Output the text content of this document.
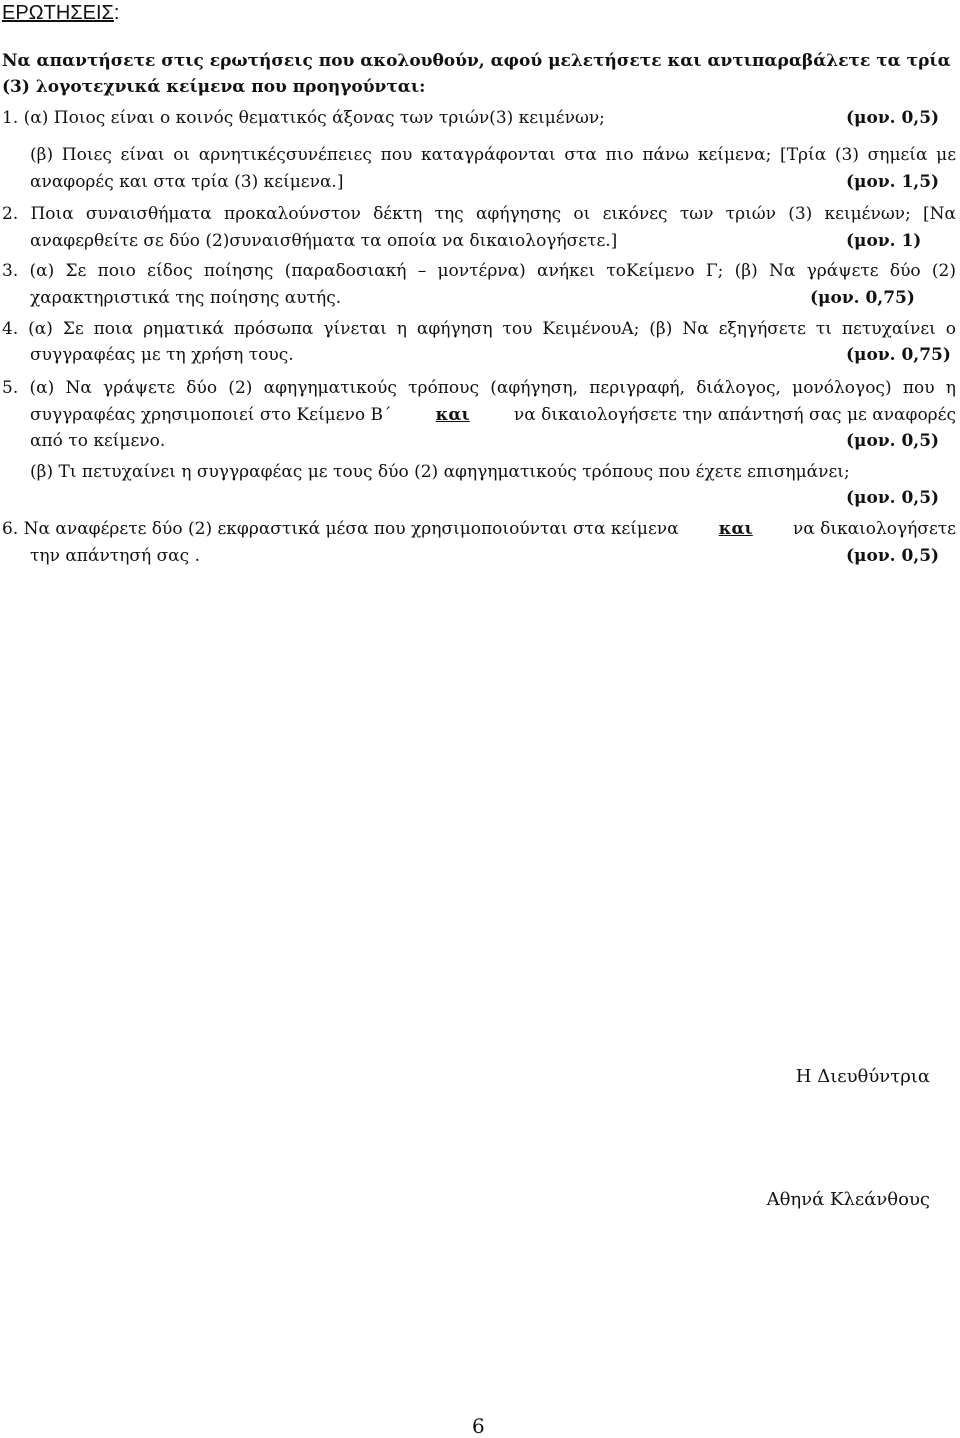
ΕΡΩΤΗΣΕΙΣ:

Να απαντήσετε στις ερωτήσεις που ακολουθούν, αφού μελετήσετε και αντιπαραβάλετε τα τρία (3) λογοτεχνικά κείμενα που προηγούνται:

1. (α) Ποιος είναι ο κοινός θεματικός άξονας των τριών(3) κειμένων;	(μον. 0,5)
(β) Ποιες είναι οι αρνητικέςσυνέπειες που καταγράφονται στα πιο πάνω κείμενα; [Τρία (3) σημεία με
αναφορές και στα τρία (3) κείμενα.]	(μον. 1,5)
2. Ποια συναισθήματα προκαλούνστον δέκτη της αφήγησης οι εικόνες των τριών (3) κειμένων; [Να
αναφερθείτε σε δύο (2)συναισθήματα τα οποία να δικαιολογήσετε.]	(μον. 1)
3. (α) Σε ποιο είδος ποίησης (παραδοσιακή – μοντέρνα) ανήκει τοΚείμενο Γ; (β) Να γράψετε δύο (2)
χαρακτηριστικά της ποίησης αυτής.	(μον. 0,75)
4. (α) Σε ποια ρηματικά πρόσωπα γίνεται η αφήγηση του ΚειμένουΑ; (β) Να εξηγήσετε τι πετυχαίνει ο
συγγραφέας με τη χρήση τους.	(μον. 0,75)
5. (α) Να γράψετε δύο (2) αφηγηματικούς τρόπους (αφήγηση, περιγραφή, διάλογος, μονόλογος) που η
συγγραφέας χρησιμοποιεί στο Κείμενο Β΄	και	να δικαιολογήσετε την απάντησή σας με αναφορές
από το κείμενο.	(μον. 0,5)
(β) Τι πετυχαίνει η συγγραφέας με τους δύο (2) αφηγηματικούς τρόπους που έχετε επισημάνει;
(μον. 0,5)
6. Να αναφέρετε δύο (2) εκφραστικά μέσα που χρησιμοποιούνται στα κείμενα και να δικαιολογήσετε
την απάντησή σας .	(μον. 0,5)
Η Διευθύντρια
Αθηνά Κλεάνθους
6
